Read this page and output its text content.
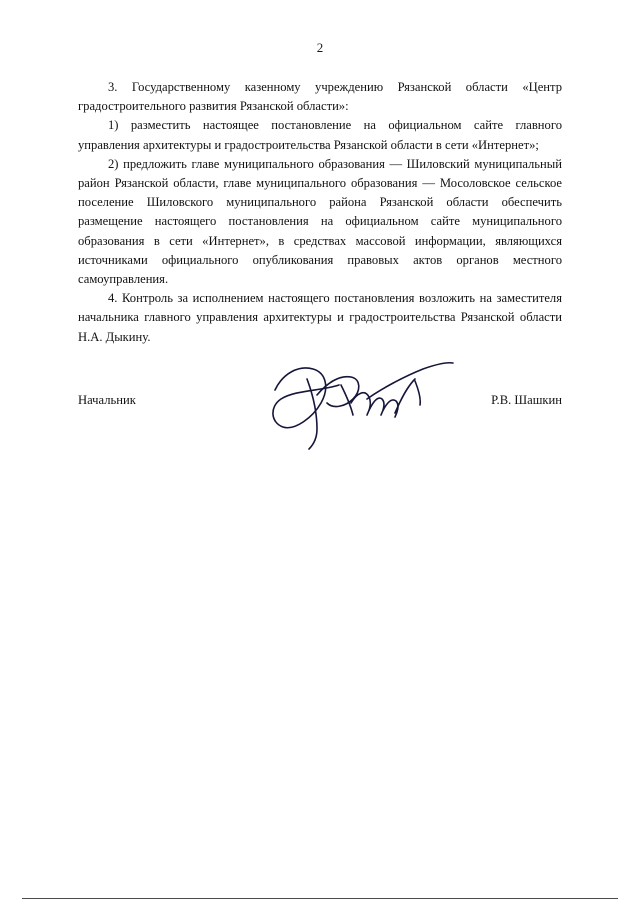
2

3. Государственному казенному учреждению Рязанской области «Центр градостроительного развития Рязанской области»:

1) разместить настоящее постановление на официальном сайте главного управления архитектуры и градостроительства Рязанской области в сети «Интернет»;

2) предложить главе муниципального образования — Шиловский муниципальный район Рязанской области, главе муниципального образования — Мосоловское сельское поселение Шиловского муниципального района Рязанской области обеспечить размещение настоящего постановления на официальном сайте муниципального образования в сети «Интернет», в средствах массовой информации, являющихся источниками официального опубликования правовых актов органов местного самоуправления.

4. Контроль за исполнением настоящего постановления возложить на заместителя начальника главного управления архитектуры и градостроительства Рязанской области Н.А. Дыкину.

Начальник	Р.В. Шашкин
